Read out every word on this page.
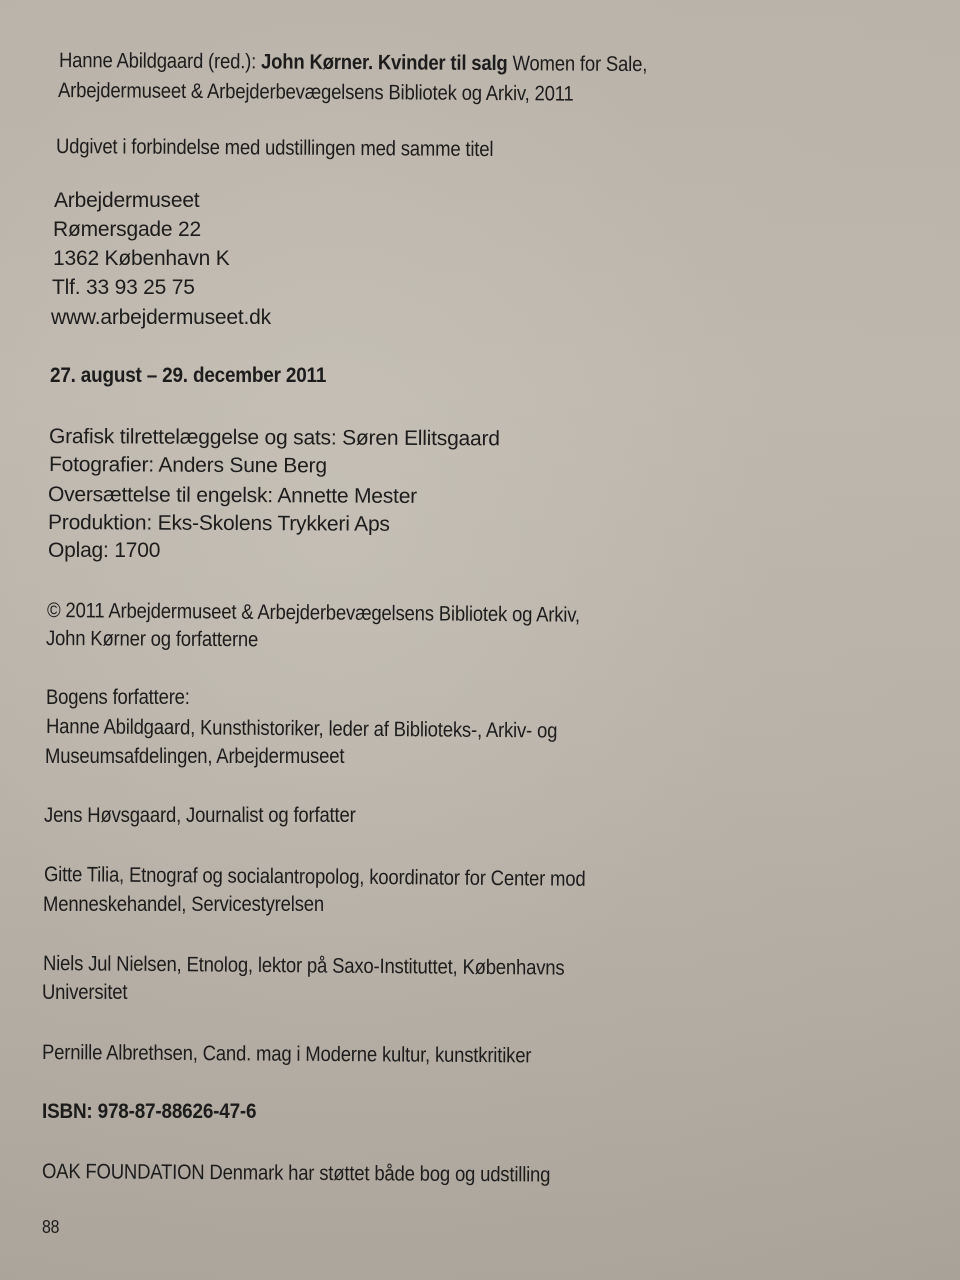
Hanne Abildgaard (red.): John Kørner. Kvinder til salg Women for Sale,
Arbejdermuseet & Arbejderbevægelsens Bibliotek og Arkiv, 2011
Udgivet i forbindelse med udstillingen med samme titel
Arbejdermuseet
Rømersgade 22
1362 København K
Tlf. 33 93 25 75
www.arbejdermuseet.dk
27. august – 29. december 2011
Grafisk tilrettelæggelse og sats: Søren Ellitsgaard
Fotografier: Anders Sune Berg
Oversættelse til engelsk: Annette Mester
Produktion: Eks-Skolens Trykkeri Aps
Oplag: 1700
© 2011 Arbejdermuseet & Arbejderbevægelsens Bibliotek og Arkiv,
John Kørner og forfatterne
Bogens forfattere:
Hanne Abildgaard, Kunsthistoriker, leder af Biblioteks-, Arkiv- og
Museumsafdelingen, Arbejdermuseet
Jens Høvsgaard, Journalist og forfatter
Gitte Tilia, Etnograf og socialantropolog, koordinator for Center mod
Menneskehandel, Servicestyrelsen
Niels Jul Nielsen, Etnolog, lektor på Saxo-Instituttet, Københavns
Universitet
Pernille Albrethsen, Cand. mag i Moderne kultur, kunstkritiker
ISBN: 978-87-88626-47-6
OAK FOUNDATION Denmark har støttet både bog og udstilling
88
